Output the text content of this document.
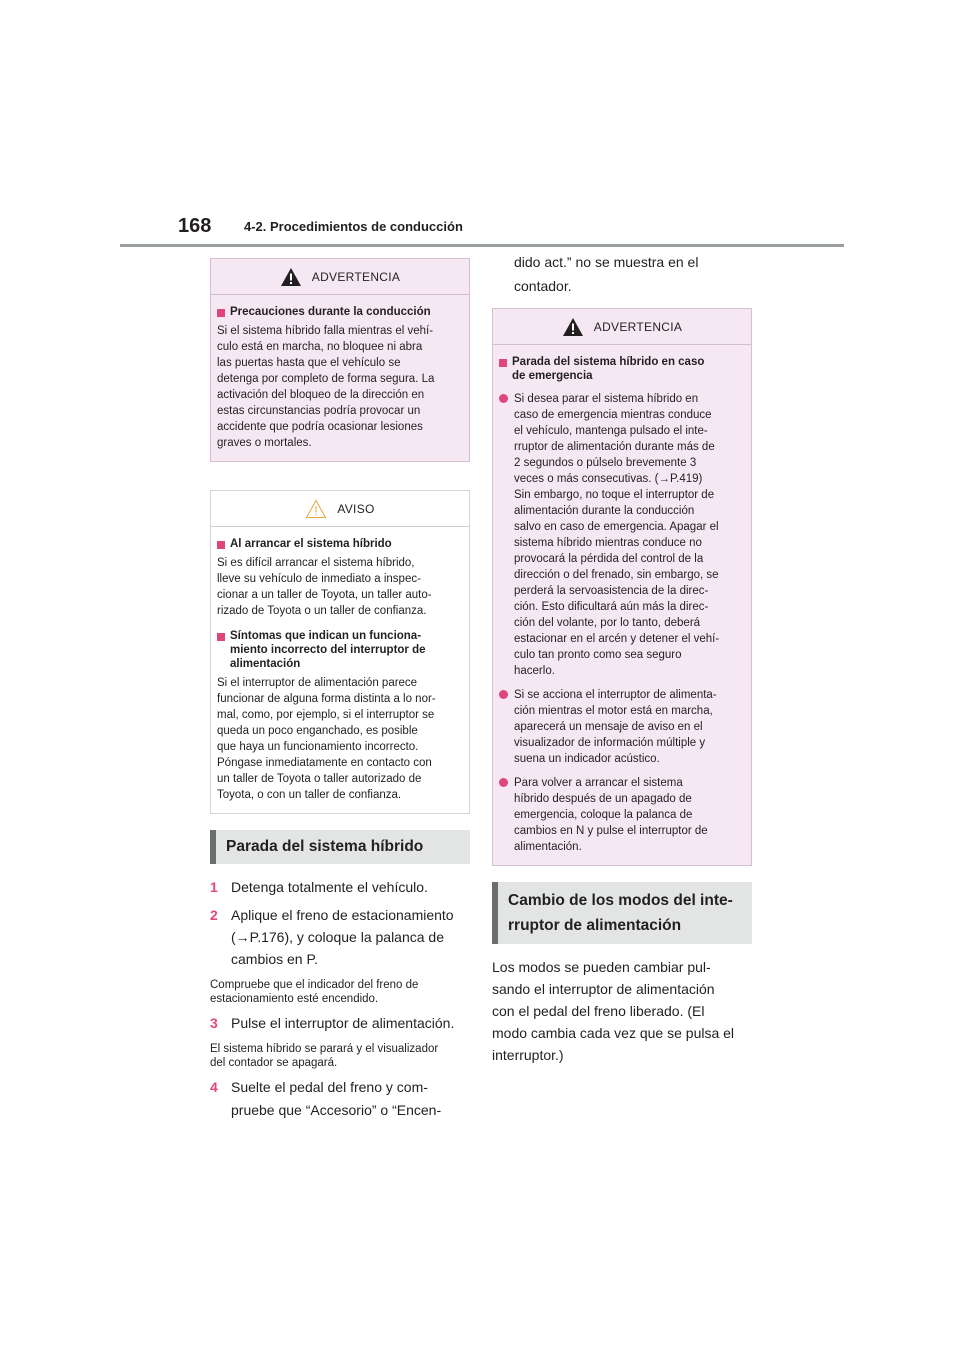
168	4-2. Procedimientos de conducción
ADVERTENCIA
Precauciones durante la conducción

Si el sistema híbrido falla mientras el vehí-
culo está en marcha, no bloquee ni abra
las puertas hasta que el vehículo se
detenga por completo de forma segura. La
activación del bloqueo de la dirección en
estas circunstancias podría provocar un
accidente que podría ocasionar lesiones
graves o mortales.

AVISO
Al arrancar el sistema híbrido

Si es difícil arrancar el sistema híbrido,
lleve su vehículo de inmediato a inspec-
cionar a un taller de Toyota, un taller auto-
rizado de Toyota o un taller de confianza.

Síntomas que indican un funciona-
miento incorrecto del interruptor de
alimentación

Si el interruptor de alimentación parece
funcionar de alguna forma distinta a lo nor-
mal, como, por ejemplo, si el interruptor se
queda un poco enganchado, es posible
que haya un funcionamiento incorrecto.
Póngase inmediatamente en contacto con
un taller de Toyota o taller autorizado de
Toyota, o con un taller de confianza.

Parada del sistema híbrido
1 Detenga totalmente el vehículo.
2 Aplique el freno de estacionamiento
(→P.176), y coloque la palanca de
cambios en P.

Compruebe que el indicador del freno de
estacionamiento esté encendido.

3 Pulse el interruptor de alimentación.

El sistema híbrido se parará y el visualizador
del contador se apagará.

4 Suelte el pedal del freno y com-
pruebe que “Accesorio” o “Encen-
dido act.” no se muestra en el
contador.
ADVERTENCIA
Parada del sistema híbrido en caso
de emergencia
Si desea parar el sistema híbrido en
caso de emergencia mientras conduce
el vehículo, mantenga pulsado el inte-
rruptor de alimentación durante más de
2 segundos o púlselo brevemente 3
veces o más consecutivas. (→P.419)
Sin embargo, no toque el interruptor de
alimentación durante la conducción
salvo en caso de emergencia. Apagar el
sistema híbrido mientras conduce no
provocará la pérdida del control de la
dirección o del frenado, sin embargo, se
perderá la servoasistencia de la direc-
ción. Esto dificultará aún más la direc-
ción del volante, por lo tanto, deberá
estacionar en el arcén y detener el vehí-
culo tan pronto como sea seguro
hacerlo.
Si se acciona el interruptor de alimenta-
ción mientras el motor está en marcha,
aparecerá un mensaje de aviso en el
visualizador de información múltiple y
suena un indicador acústico.
Para volver a arrancar el sistema
híbrido después de un apagado de
emergencia, coloque la palanca de
cambios en N y pulse el interruptor de
alimentación.
Cambio de los modos del inte-
rruptor de alimentación
Los modos se pueden cambiar pul-
sando el interruptor de alimentación
con el pedal del freno liberado. (El
modo cambia cada vez que se pulsa el
interruptor.)
